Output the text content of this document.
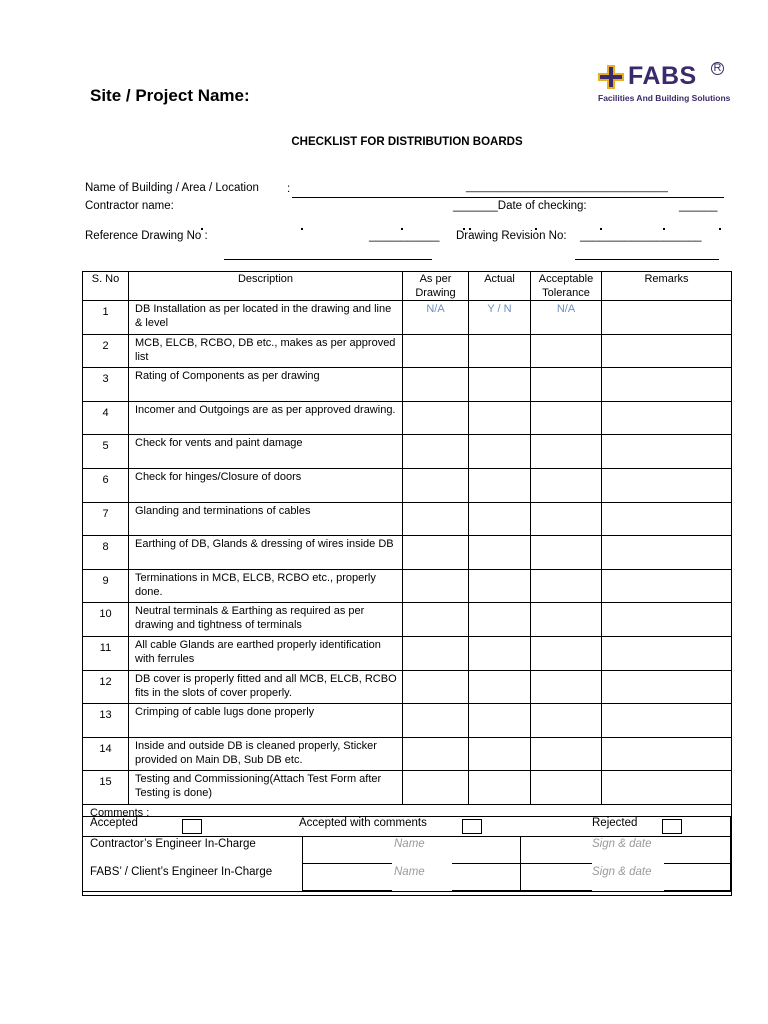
Site / Project Name:
FABS R
Facilities And Building Solutions
CHECKLIST FOR DISTRIBUTION BOARDS
Name of Building / Area / Location :	_________________________________
Contractor name:	_______Date of checking:	______
Reference Drawing No :	___________ Drawing Revision No: ___________________
S. No	Description	As per Drawing	Actual	Acceptable Tolerance	Remarks
1	DB Installation as per located in the drawing and line & level	N/A	Y / N	N/A	
2	MCB, ELCB, RCBO, DB etc., makes as per approved list				
3	Rating of Components as per drawing				
4	Incomer and Outgoings are as per approved drawing.				
5	Check for vents and paint damage				
6	Check for hinges/Closure of doors				
7	Glanding and terminations of cables				
8	Earthing of DB, Glands & dressing of wires inside DB				
9	Terminations in MCB, ELCB, RCBO etc., properly done.				
10	Neutral terminals & Earthing as required as per drawing and tightness of terminals				
11	All cable Glands are earthed properly identification with ferrules				
12	DB cover is properly fitted and all MCB, ELCB, RCBO fits in the slots of cover properly.				
13	Crimping of cable lugs done properly				
14	Inside and outside DB is cleaned properly, Sticker provided on Main DB, Sub DB etc.				
15	Testing and Commissioning(Attach Test Form after Testing is done)				
Comments :					
Accepted	Accepted with comments	Rejected
Contractor’s Engineer In-Charge	Name	Sign & date
FABS’ / Client’s Engineer In-Charge	Name	Sign & date
